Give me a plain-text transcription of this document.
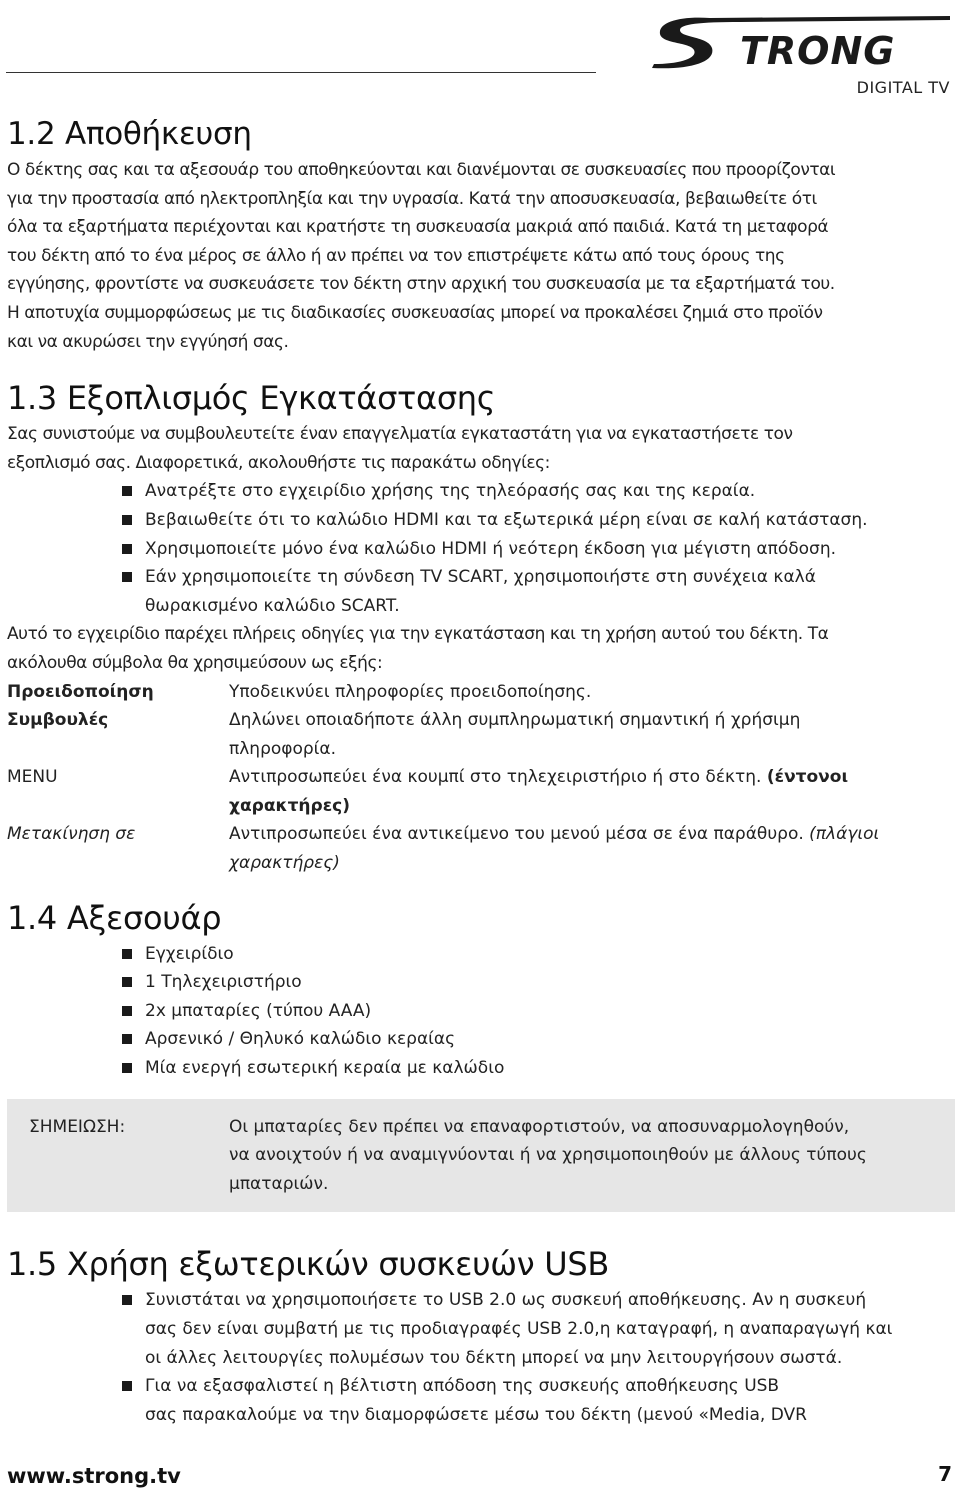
TRONG
DIGITAL TV
1.2 Αποθήκευση

Ο δέκτης σας και τα αξεσουάρ του αποθηκεύονται και διανέμονται σε συσκευασίες που προορίζονται

για την προστασία από ηλεκτροπληξία και την υγρασία. Κατά την αποσυσκευασία, βεβαιωθείτε ότι

όλα τα εξαρτήματα περιέχονται και κρατήστε τη συσκευασία μακριά από παιδιά. Κατά τη μεταφορά

του δέκτη από το ένα μέρος σε άλλο ή αν πρέπει να τον επιστρέψετε κάτω από τους όρους της

εγγύησης, φροντίστε να συσκευάσετε τον δέκτη στην αρχική του συσκευασία με τα εξαρτήματά του.

Η αποτυχία συμμορφώσεως με τις διαδικασίες συσκευασίας μπορεί να προκαλέσει ζημιά στο προϊόν

και να ακυρώσει την εγγύησή σας.

1.3 Εξοπλισμός Εγκατάστασης

Σας συνιστούμε να συμβουλευτείτε έναν επαγγελματία εγκαταστάτη για να εγκαταστήσετε τον

εξοπλισμό σας. Διαφορετικά, ακολουθήστε τις παρακάτω οδηγίες:

Ανατρέξτε στο εγχειρίδιο χρήσης της τηλεόρασής σας και της κεραία.
Βεβαιωθείτε ότι το καλώδιο HDMI και τα εξωτερικά μέρη είναι σε καλή κατάσταση.
Χρησιμοποιείτε μόνο ένα καλώδιο HDMI ή νεότερη έκδοση για μέγιστη απόδοση.
Εάν χρησιμοποιείτε τη σύνδεση TV SCART, χρησιμοποιήστε στη συνέχεια καλά
θωρακισμένο καλώδιο SCART.

Αυτό το εγχειρίδιο παρέχει πλήρεις οδηγίες για την εγκατάσταση και τη χρήση αυτού του δέκτη. Τα

ακόλουθα σύμβολα θα χρησιμεύσουν ως εξής:

Προειδοποίηση	Υποδεικνύει πληροφορίες προειδοποίησης.
Συμβουλές	Δηλώνει οποιαδήποτε άλλη συμπληρωματική σημαντική ή χρήσιμη
πληροφορία.
MENU	Αντιπροσωπεύει ένα κουμπί στο τηλεχειριστήριο ή στο δέκτη. (έντονοι
χαρακτήρες)
Μετακίνηση σε	Αντιπροσωπεύει ένα αντικείμενο του μενού μέσα σε ένα παράθυρο. (πλάγιοι
χαρακτήρες)
1.4 Αξεσουάρ
Εγχειρίδιο
1 Τηλεχειριστήριο
2x μπαταρίες (τύπου AAA)
Αρσενικό / Θηλυκό καλώδιο κεραίας
Μία ενεργή εσωτερική κεραία με καλώδιο
ΣΗΜΕΙΩΣΗ:	Οι μπαταρίες δεν πρέπει να επαναφορτιστούν, να αποσυναρμολογηθούν,
να ανοιχτούν ή να αναμιγνύονται ή να χρησιμοποιηθούν με άλλους τύπους
μπαταριών.
1.5 Χρήση εξωτερικών συσκευών USB
Συνιστάται να χρησιμοποιήσετε το USB 2.0 ως συσκευή αποθήκευσης. Αν η συσκευή
σας δεν είναι συμβατή με τις προδιαγραφές USB 2.0,η καταγραφή, η αναπαραγωγή και
οι άλλες λειτουργίες πολυμέσων του δέκτη μπορεί να μην λειτουργήσουν σωστά.
Για να εξασφαλιστεί η βέλτιστη απόδοση της συσκευής αποθήκευσης USB
σας παρακαλούμε να την διαμορφώσετε μέσω του δέκτη (μενού «Media, DVR
www.strong.tv	7
